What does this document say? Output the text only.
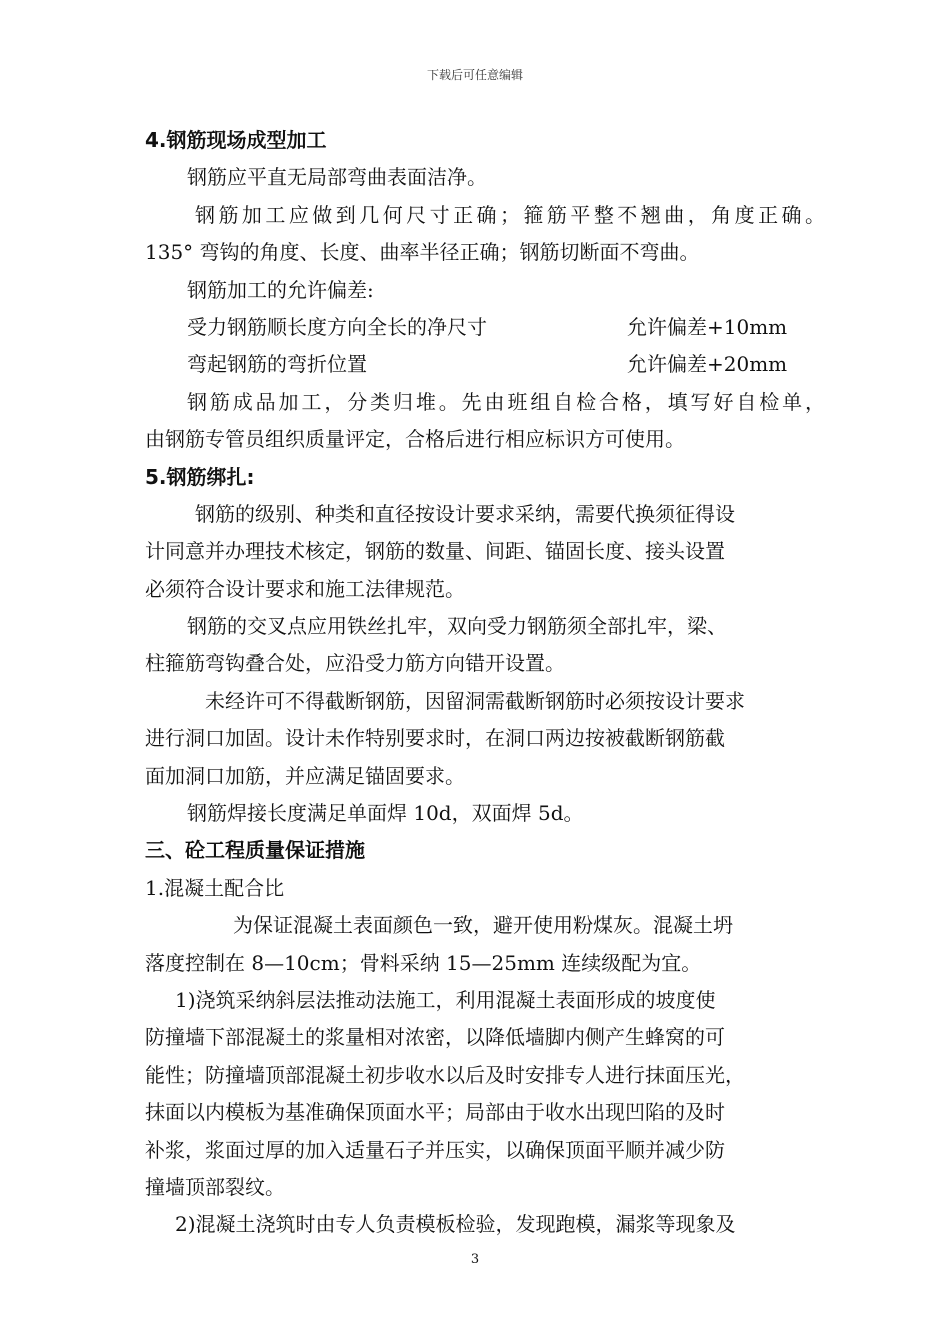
下载后可任意编辑
4.钢筋现场成型加工
钢筋应平直无局部弯曲表面洁净。
钢筋加工应做到几何尺寸正确；箍筋平整不翘曲，角度正确。
135° 弯钩的角度、长度、曲率半径正确；钢筋切断面不弯曲。
钢筋加工的允许偏差:
受力钢筋顺长度方向全长的净尺寸	允许偏差+10mm
弯起钢筋的弯折位置	允许偏差+20mm
钢筋成品加工，分类归堆。先由班组自检合格，填写好自检单，
由钢筋专管员组织质量评定，合格后进行相应标识方可使用。
5.钢筋绑扎:
钢筋的级别、种类和直径按设计要求采纳，需要代换须征得设
计同意并办理技术核定，钢筋的数量、间距、锚固长度、接头设置
必须符合设计要求和施工法律规范。
钢筋的交叉点应用铁丝扎牢，双向受力钢筋须全部扎牢，梁、
柱箍筋弯钩叠合处，应沿受力筋方向错开设置。
未经许可不得截断钢筋，因留洞需截断钢筋时必须按设计要求
进行洞口加固。设计未作特别要求时，在洞口两边按被截断钢筋截
面加洞口加筋，并应满足锚固要求。
钢筋焊接长度满足单面焊 10d，双面焊 5d。
三、砼工程质量保证措施
1.混凝土配合比
为保证混凝土表面颜色一致，避开使用粉煤灰。混凝土坍
落度控制在 8—10cm；骨料采纳 15—25mm 连续级配为宜。
1)浇筑采纳斜层法推动法施工，利用混凝土表面形成的坡度使
防撞墙下部混凝土的浆量相对浓密，以降低墙脚内侧产生蜂窝的可
能性；防撞墙顶部混凝土初步收水以后及时安排专人进行抹面压光，
抹面以内模板为基准确保顶面水平；局部由于收水出现凹陷的及时
补浆，浆面过厚的加入适量石子并压实，以确保顶面平顺并减少防
撞墙顶部裂纹。
2)混凝土浇筑时由专人负责模板检验，发现跑模，漏浆等现象及
3
